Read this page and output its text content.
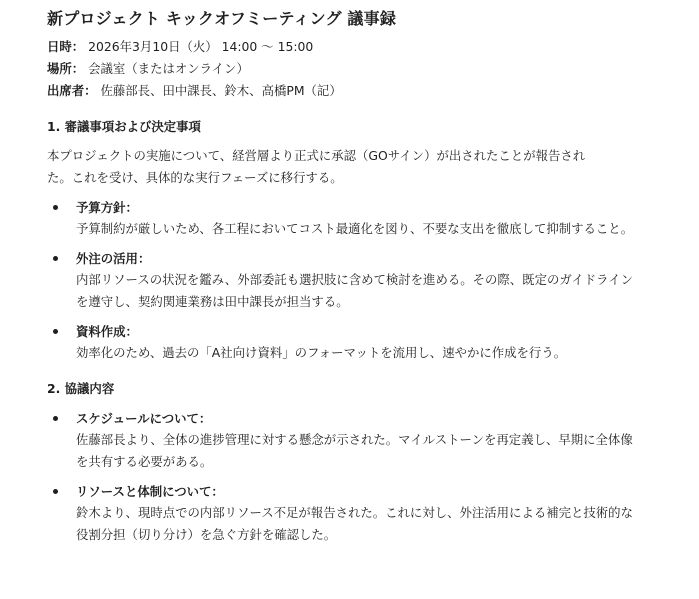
新プロジェクト キックオフミーティング 議事録
日時： 2026年3月10日（火） 14:00 〜 15:00
場所： 会議室（またはオンライン）
出席者： 佐藤部長、田中課長、鈴木、高橋PM（記）
1. 審議事項および決定事項

本プロジェクトの実施について、経営層より正式に承認（GOサイン）が出されたことが報告された。これを受け、具体的な実行フェーズに移行する。

予算方針：
予算制約が厳しいため、各工程においてコスト最適化を図り、不要な支出を徹底して抑制すること。
外注の活用：
内部リソースの状況を鑑み、外部委託も選択肢に含めて検討を進める。その際、既定のガイドラインを遵守し、契約関連業務は田中課長が担当する。
資料作成：
効率化のため、過去の「A社向け資料」のフォーマットを流用し、速やかに作成を行う。
2. 協議内容
スケジュールについて：
佐藤部長より、全体の進捗管理に対する懸念が示された。マイルストーンを再定義し、早期に全体像を共有する必要がある。
リソースと体制について：
鈴木より、現時点での内部リソース不足が報告された。これに対し、外注活用による補完と技術的な役割分担（切り分け）を急ぐ方針を確認した。
